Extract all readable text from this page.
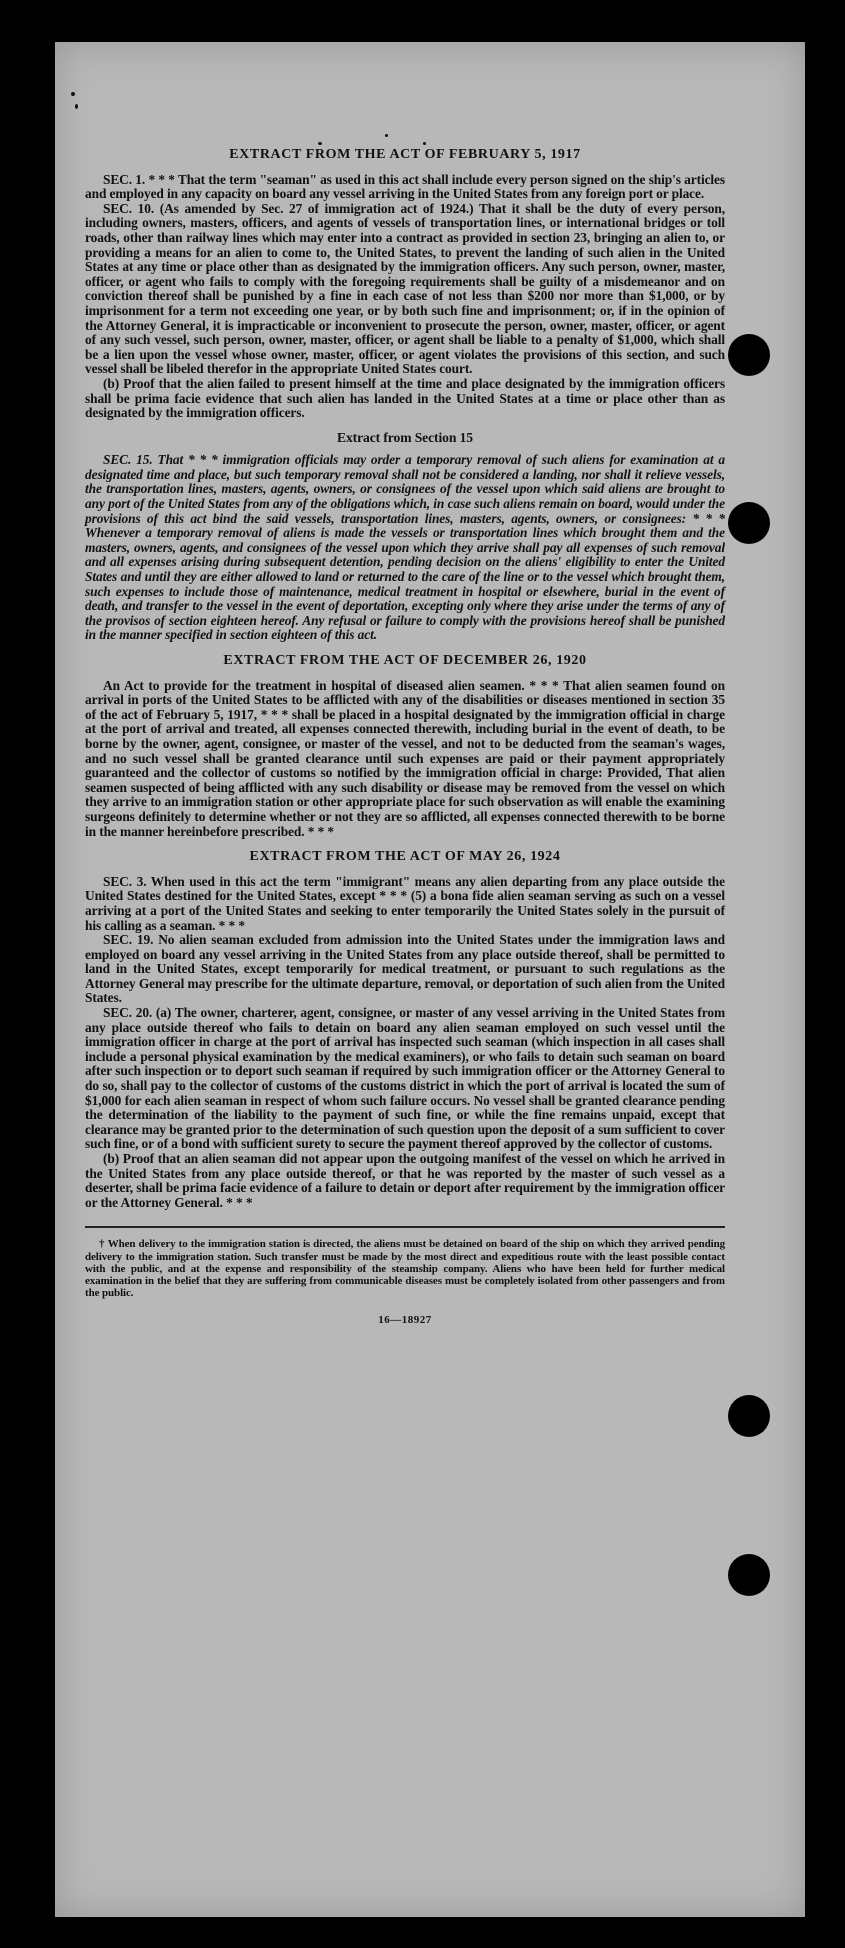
EXTRACT FROM THE ACT OF FEBRUARY 5, 1917

SEC. 1. * * * That the term "seaman" as used in this act shall include every person signed on the ship's articles and employed in any capacity on board any vessel arriving in the United States from any foreign port or place.

SEC. 10. (As amended by Sec. 27 of immigration act of 1924.) That it shall be the duty of every person, including owners, masters, officers, and agents of vessels of transportation lines, or international bridges or toll roads, other than railway lines which may enter into a contract as provided in section 23, bringing an alien to, or providing a means for an alien to come to, the United States, to prevent the landing of such alien in the United States at any time or place other than as designated by the immigration officers. Any such person, owner, master, officer, or agent who fails to comply with the foregoing requirements shall be guilty of a misdemeanor and on conviction thereof shall be punished by a fine in each case of not less than $200 nor more than $1,000, or by imprisonment for a term not exceeding one year, or by both such fine and imprisonment; or, if in the opinion of the Attorney General, it is impracticable or inconvenient to prosecute the person, owner, master, officer, or agent of any such vessel, such person, owner, master, officer, or agent shall be liable to a penalty of $1,000, which shall be a lien upon the vessel whose owner, master, officer, or agent violates the provisions of this section, and such vessel shall be libeled therefor in the appropriate United States court.

(b) Proof that the alien failed to present himself at the time and place designated by the immigration officers shall be prima facie evidence that such alien has landed in the United States at a time or place other than as designated by the immigration officers.

Extract from Section 15

SEC. 15. That * * * immigration officials may order a temporary removal of such aliens for examination at a designated time and place, but such temporary removal shall not be considered a landing, nor shall it relieve vessels, the transportation lines, masters, agents, owners, or consignees of the vessel upon which said aliens are brought to any port of the United States from any of the obligations which, in case such aliens remain on board, would under the provisions of this act bind the said vessels, transportation lines, masters, agents, owners, or consignees: * * * Whenever a temporary removal of aliens is made the vessels or transportation lines which brought them and the masters, owners, agents, and consignees of the vessel upon which they arrive shall pay all expenses of such removal and all expenses arising during subsequent detention, pending decision on the aliens' eligibility to enter the United States and until they are either allowed to land or returned to the care of the line or to the vessel which brought them, such expenses to include those of maintenance, medical treatment in hospital or elsewhere, burial in the event of death, and transfer to the vessel in the event of deportation, excepting only where they arise under the terms of any of the provisos of section eighteen hereof. Any refusal or failure to comply with the provisions hereof shall be punished in the manner specified in section eighteen of this act.

EXTRACT FROM THE ACT OF DECEMBER 26, 1920

An Act to provide for the treatment in hospital of diseased alien seamen. * * * That alien seamen found on arrival in ports of the United States to be afflicted with any of the disabilities or diseases mentioned in section 35 of the act of February 5, 1917, * * * shall be placed in a hospital designated by the immigration official in charge at the port of arrival and treated, all expenses connected therewith, including burial in the event of death, to be borne by the owner, agent, consignee, or master of the vessel, and not to be deducted from the seaman's wages, and no such vessel shall be granted clearance until such expenses are paid or their payment appropriately guaranteed and the collector of customs so notified by the immigration official in charge: Provided, That alien seamen suspected of being afflicted with any such disability or disease may be removed from the vessel on which they arrive to an immigration station or other appropriate place for such observation as will enable the examining surgeons definitely to determine whether or not they are so afflicted, all expenses connected therewith to be borne in the manner hereinbefore prescribed. * * *

EXTRACT FROM THE ACT OF MAY 26, 1924

SEC. 3. When used in this act the term "immigrant" means any alien departing from any place outside the United States destined for the United States, except * * * (5) a bona fide alien seaman serving as such on a vessel arriving at a port of the United States and seeking to enter temporarily the United States solely in the pursuit of his calling as a seaman. * * *

SEC. 19. No alien seaman excluded from admission into the United States under the immigration laws and employed on board any vessel arriving in the United States from any place outside thereof, shall be permitted to land in the United States, except temporarily for medical treatment, or pursuant to such regulations as the Attorney General may prescribe for the ultimate departure, removal, or deportation of such alien from the United States.

SEC. 20. (a) The owner, charterer, agent, consignee, or master of any vessel arriving in the United States from any place outside thereof who fails to detain on board any alien seaman employed on such vessel until the immigration officer in charge at the port of arrival has inspected such seaman (which inspection in all cases shall include a personal physical examination by the medical examiners), or who fails to detain such seaman on board after such inspection or to deport such seaman if required by such immigration officer or the Attorney General to do so, shall pay to the collector of customs of the customs district in which the port of arrival is located the sum of $1,000 for each alien seaman in respect of whom such failure occurs. No vessel shall be granted clearance pending the determination of the liability to the payment of such fine, or while the fine remains unpaid, except that clearance may be granted prior to the determination of such question upon the deposit of a sum sufficient to cover such fine, or of a bond with sufficient surety to secure the payment thereof approved by the collector of customs.

(b) Proof that an alien seaman did not appear upon the outgoing manifest of the vessel on which he arrived in the United States from any place outside thereof, or that he was reported by the master of such vessel as a deserter, shall be prima facie evidence of a failure to detain or deport after requirement by the immigration officer or the Attorney General. * * *

† When delivery to the immigration station is directed, the aliens must be detained on board of the ship on which they arrived pending delivery to the immigration station. Such transfer must be made by the most direct and expeditious route with the least possible contact with the public, and at the expense and responsibility of the steamship company. Aliens who have been held for further medical examination in the belief that they are suffering from communicable diseases must be completely isolated from other passengers and from the public.

16—18927
